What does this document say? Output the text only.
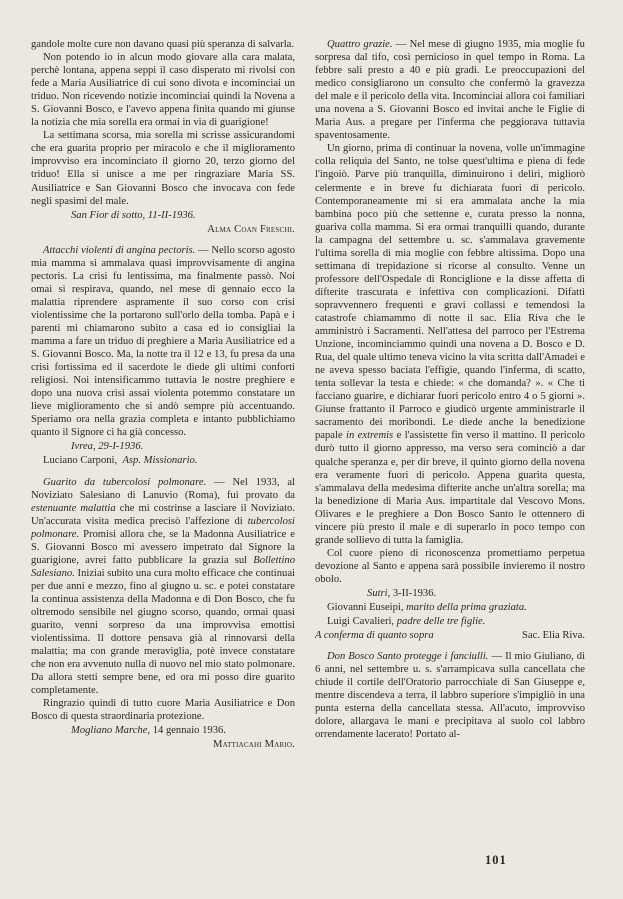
gandole molte cure non davano quasi più speranza di salvarla.

Non potendo io in alcun modo giovare alla cara malata, perchè lontana, appena seppi il caso disperato mi rivolsi con fede a Maria Ausiliatrice di cui sono divota e incominciai un triduo. Non ricevendo notizie incominciai quindi la Novena a S. Giovanni Bosco, e l'avevo appena finita quando mi giunse la notizia che mia sorella era ormai in via di guarigione!

La settimana scorsa, mia sorella mi scrisse assicurandomi che era guarita proprio per miracolo e che il miglioramento improvviso era incominciato il giorno 20, terzo giorno del triduo! Ella si unisce a me per ringraziare Maria SS. Ausiliatrice e San Giovanni Bosco che invocava con fede negli spasimi del male.

San Fior di sotto, 11-II-1936.

Alma Coan Freschi.

Attacchi violenti di angina pectoris. — Nello scorso agosto mia mamma si ammalava quasi improvvisamente di angina pectoris. La crisi fu lentissima, ma finalmente passò. Noi omai si respirava, quando, nel mese di gennaio ecco la malattia riprendere aspramente il suo corso con crisi violentissime che la portarono sull'orlo della tomba. Papà e i parenti mi chiamarono subito a casa ed io consigliai la mamma a fare un triduo di preghiere a Maria Ausiliatrice ed a S. Giovanni Bosco. Ma, la notte tra il 12 e 13, fu presa da una crisi fortissima ed il sacerdote le diede gli ultimi conforti religiosi. Noi intensificammo tuttavia le nostre preghiere e dopo una nuova crisi assai violenta potemmo constatare un lieve miglioramento che si andò sempre più accentuando. Speriamo ora nella grazia completa e intanto pubblichiamo quanto il Signore ci ha già concesso.

Ivrea, 29-I-1936.

Luciano Carponi, Asp. Missionario.

Guarito da tubercolosi polmonare. — Nel 1933, al Noviziato Salesiano di Lanuvio (Roma), fui provato da estenuante malattia che mi costrinse a lasciare il Noviziato. Un'accurata visita medica precisò l'affezione di tubercolosi polmonare. Promisi allora che, se la Madonna Ausiliatrice e S. Giovanni Bosco mi avessero impetrato dal Signore la guarigione, avrei fatto pubblicare la grazia sul Bollettino Salesiano. Iniziai subito una cura molto efficace che continuai per due anni e mezzo, fino al giugno u. sc. e potei constatare la continua assistenza della Madonna e di Don Bosco, che fu oltremodo sensibile nel giugno scorso, quando, ormai quasi guarito, venni sorpreso da una improvvisa emottisi violentissima. Il dottore pensava già al rinnovarsi della malattia; ma con grande meraviglia, potè invece constatare che non era avvenuto nulla di nuovo nel mio stato polmonare. Da allora stetti sempre bene, ed ora mi posso dire guarito completamente.

Ringrazio quindi di tutto cuore Maria Ausiliatrice e Don Bosco di questa straordinaria protezione.

Mogliano Marche, 14 gennaio 1936.

Mattiacahi Mario.

Quattro grazie. — Nel mese di giugno 1935, mia moglie fu sorpresa dal tifo, così pernicioso in quel tempo in Roma. La febbre salì presto a 40 e più gradi. Le preoccupazioni del medico consigliarono un consulto che confermò la gravezza del male e il pericolo della vita. Incominciai allora coi familiari una novena a S. Giovanni Bosco ed invitai anche le Figlie di Maria Aus. a pregare per l'inferma che peggiorava tuttavia spaventosamente.

Un giorno, prima di continuar la novena, volle un'immagine colla reliquia del Santo, ne tolse quest'ultima e piena di fede l'ingoiò. Parve più tranquilla, diminuirono i deliri, migliorò celermente e in breve fu dichiarata fuori di pericolo. Contemporaneamente mi si era ammalata anche la mia bambina poco più che settenne e, curata presso la nonna, guariva colla mamma. Si era ormai tranquilli quando, durante la campagna del settembre u. sc. s'ammalava gravemente l'ultima sorella di mia moglie con febbre altissima. Dopo una settimana di trepidazione si ricorse al consulto. Venne un professore dell'Ospedale di Ronciglione e la disse affetta di difterite trascurata e infettiva con complicazioni. Difatti sopravvennero frequenti e gravi collassi e temendosi la catastrofe chiamammo di notte il sac. Elia Riva che le amministrò i Sacramenti. Nell'attesa del parroco per l'Estrema Unzione, incominciammo quindi una novena a D. Bosco e D. Rua, del quale ultimo teneva vicino la vita scritta dall'Amadei e ne aveva spesso baciata l'effigie, quando l'inferma, di scatto, tenta sollevar la testa e chiede: « che domanda? ». « Che ti facciano guarire, e dichiarar fuori pericolo entro 4 o 5 giorni ». Giunse frattanto il Parroco e giudicò urgente amministrarle il sacramento dei moribondi. Le diede anche la benedizione papale in extremis e l'assistette fin verso il mattino. Il pericolo durò tutto il giorno appresso, ma verso sera cominciò a dar qualche speranza e, per dir breve, il quinto giorno della novena era veramente fuori di pericolo. Appena guarita questa, s'ammalava della medesima difterite anche un'altra sorella; ma la benedizione di Maria Aus. impartitale dal Vescovo Mons. Olivares e le preghiere a Don Bosco Santo le ottennero di vincere più presto il male e di superarlo in poco tempo con grande sollievo di tutta la famiglia.

Col cuore pieno di riconoscenza promettiamo perpetua devozione al Santo e appena sarà possibile invieremo il nostro obolo.

Sutri, 3-II-1936.

Giovanni Euseipi, marito della prima graziata.

Luigi Cavalieri, padre delle tre figlie.

A conferma di quanto sopra	Sac. Elia Riva.

Don Bosco Santo protegge i fanciulli. — Il mio Giuliano, di 6 anni, nel settembre u. s. s'arrampicava sulla cancellata che chiude il cortile dell'Oratorio parrocchiale di San Giuseppe e, mentre discendeva a terra, il labbro superiore s'impigliò in una punta esterna della cancellata stessa. All'acuto, improvviso dolore, allargava le mani e precipitava al suolo col labbro orrendamente lacerato! Portato al-

101
